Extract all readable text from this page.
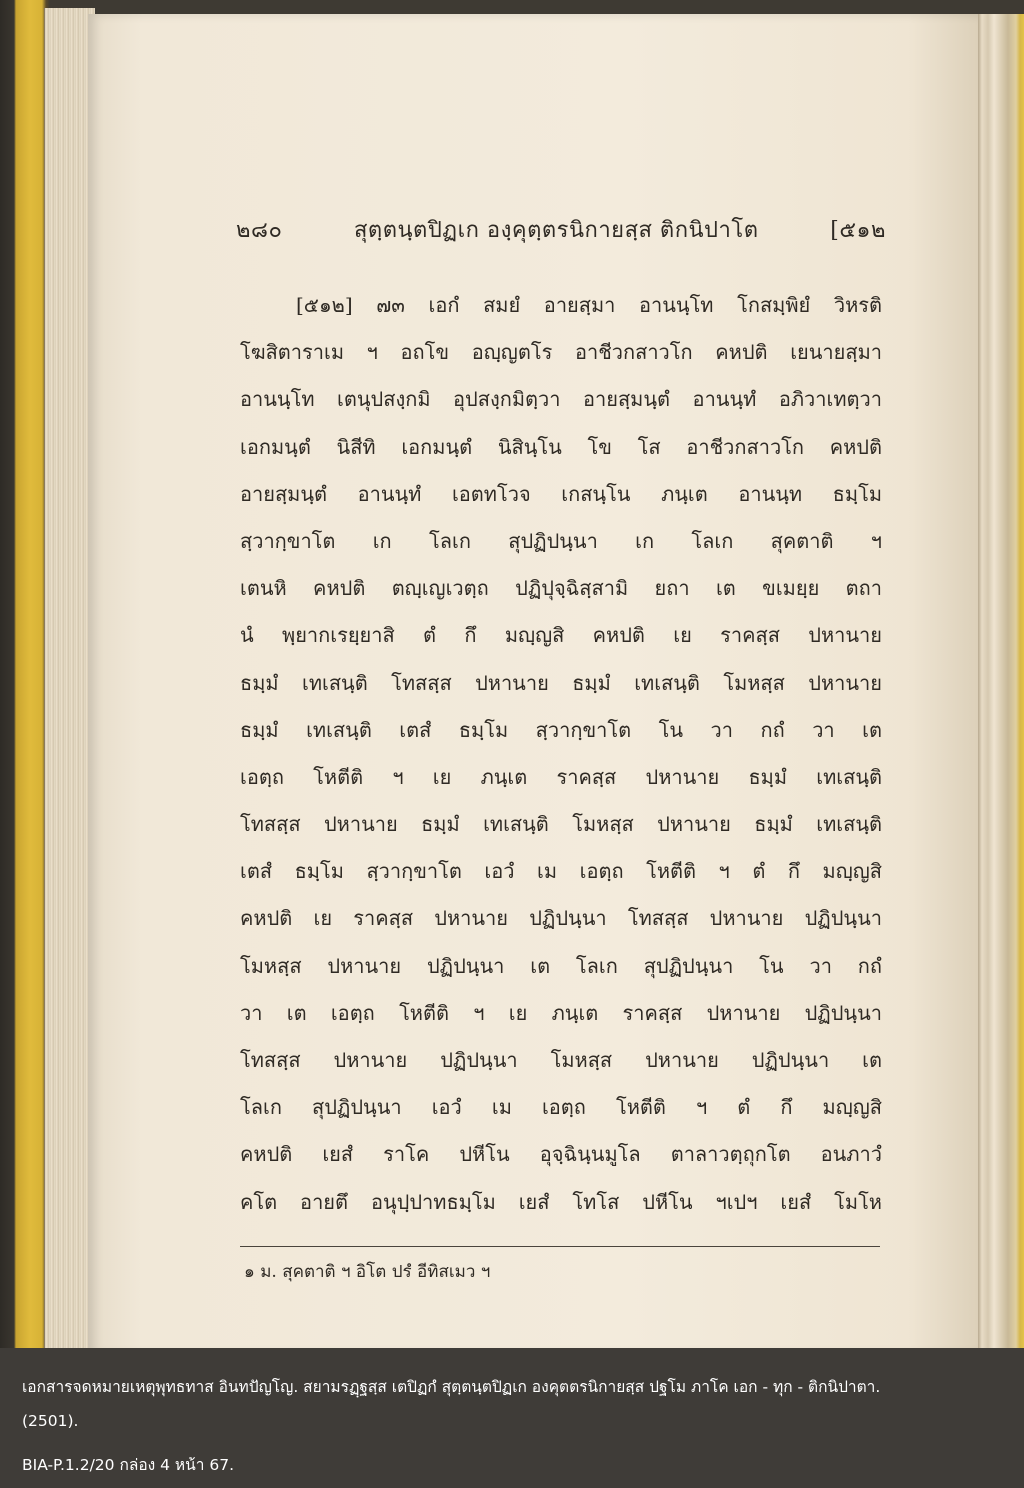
๒๘๐	สุตฺตนฺตปิฏเก องฺคุตฺตรนิกายสฺส ติกนิปาโต	[๕๑๒
[๕๑๒] ๗๓ เอกํ สมยํ อายสฺมา อานนฺโท โกสมฺพิยํ วิหรติ
โฆสิตาราเม ฯ อถโข อญฺญตโร อาชีวกสาวโก คหปติ เยนายสฺมา
อานนฺโท เตนุปสงฺกมิ อุปสงฺกมิตฺวา อายสฺมนฺตํ อานนฺทํ อภิวาเทตฺวา
เอกมนฺตํ นิสีทิ เอกมนฺตํ นิสินฺโน โข โส อาชีวกสาวโก คหปติ
อายสฺมนฺตํ อานนฺทํ เอตทโวจ เกสนฺโน ภนฺเต อานนฺท ธมฺโม
สฺวากฺขาโต เก โลเก สุปฏิปนฺนา เก โลเก สุคตาติ ฯ
เตนหิ คหปติ ตญฺเญเวตฺถ ปฏิปุจฺฉิสฺสามิ ยถา เต ขเมยฺย ตถา
นํ พฺยากเรยฺยาสิ ตํ กึ มญฺญสิ คหปติ เย ราคสฺส ปหานาย
ธมฺมํ เทเสนฺติ โทสสฺส ปหานาย ธมฺมํ เทเสนฺติ โมหสฺส ปหานาย
ธมฺมํ เทเสนฺติ เตสํ ธมฺโม สฺวากฺขาโต โน วา กถํ วา เต
เอตฺถ โหตีติ ฯ เย ภนฺเต ราคสฺส ปหานาย ธมฺมํ เทเสนฺติ
โทสสฺส ปหานาย ธมฺมํ เทเสนฺติ โมหสฺส ปหานาย ธมฺมํ เทเสนฺติ
เตสํ ธมฺโม สฺวากฺขาโต เอวํ เม เอตฺถ โหตีติ ฯ ตํ กึ มญฺญสิ
คหปติ เย ราคสฺส ปหานาย ปฏิปนฺนา โทสสฺส ปหานาย ปฏิปนฺนา
โมหสฺส ปหานาย ปฏิปนฺนา เต โลเก สุปฏิปนฺนา โน วา กถํ
วา เต เอตฺถ โหตีติ ฯ เย ภนฺเต ราคสฺส ปหานาย ปฏิปนฺนา
โทสสฺส ปหานาย ปฏิปนฺนา โมหสฺส ปหานาย ปฏิปนฺนา เต
โลเก สุปฏิปนฺนา เอวํ เม เอตฺถ โหตีติ ฯ ตํ กึ มญฺญสิ
คหปติ เยสํ ราโค ปหีโน อุจฺฉินฺนมูโล ตาลาวตฺถุกโต อนภาวํ
คโต อายตึ อนุปฺปาทธมฺโม เยสํ โทโส ปหีโน ฯเปฯ เยสํ โมโห
๑ ม. สุคตาติ ฯ อิโต ปรํ อีทิสเมว ฯ
เอกสารจดหมายเหตุพุทธทาส อินทปัญโญ. สยามรฏฺฐสฺส เตปิฏกํ สุตฺตนฺตปิฏเก องคุตตรนิกายสฺส ปฐโม ภาโค เอก - ทุก - ติกนิปาตา.
(2501).
BIA-P.1.2/20 กล่อง 4 หน้า 67.
